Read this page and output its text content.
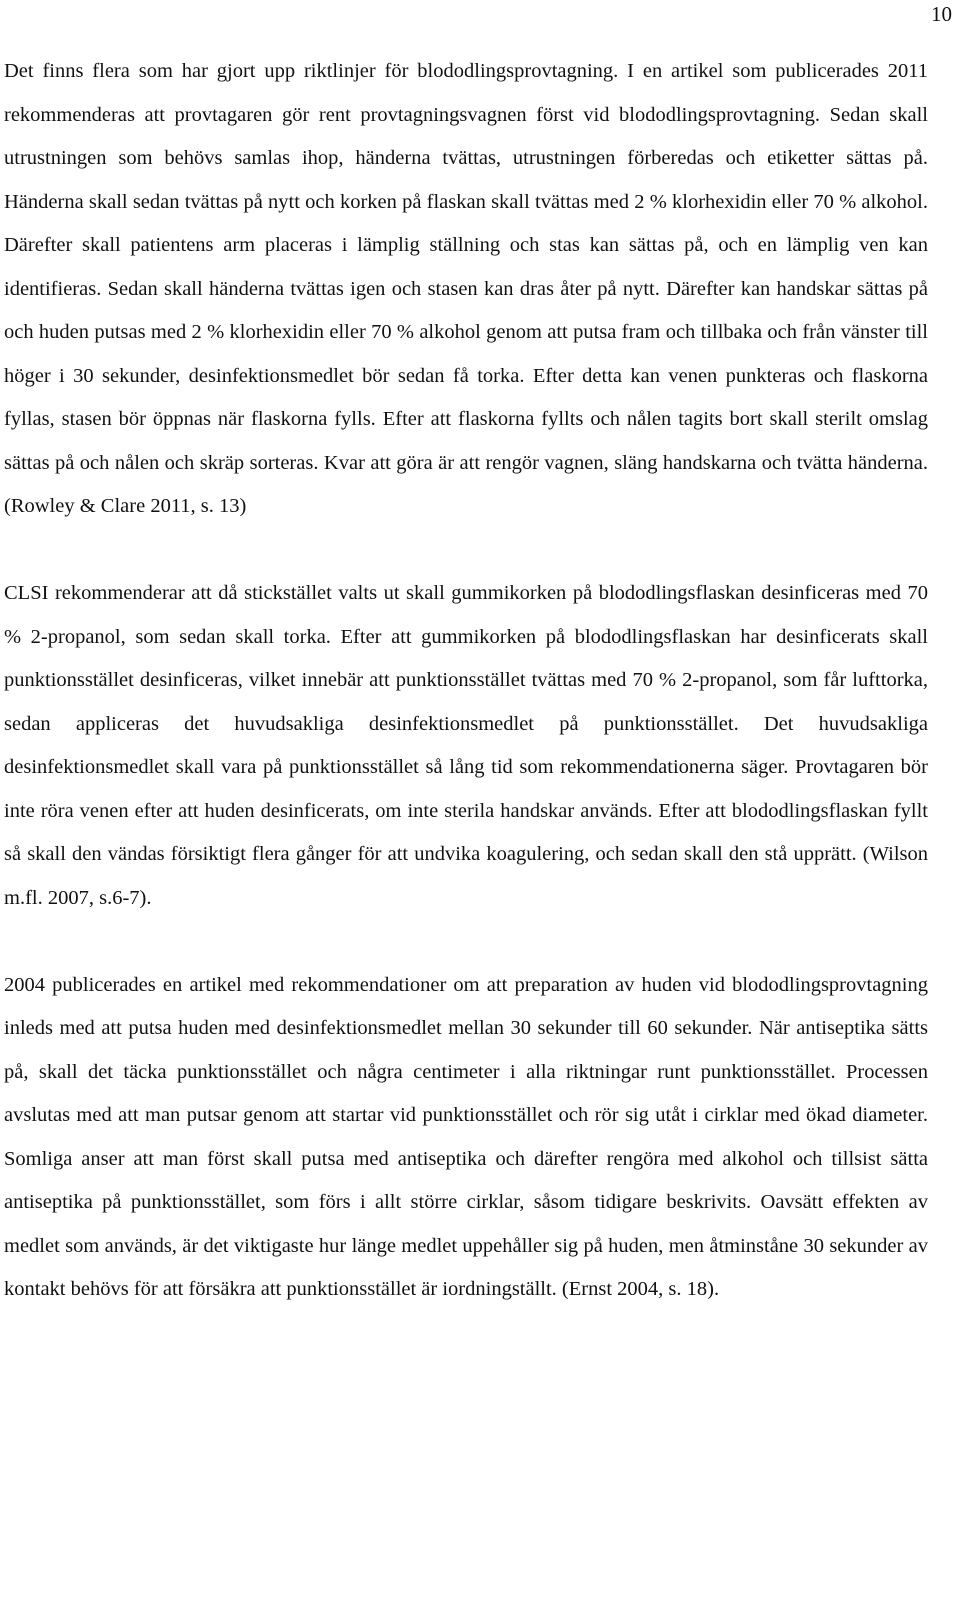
10

Det finns flera som har gjort upp riktlinjer för blododlingsprovtagning. I en artikel som publicerades 2011 rekommenderas att provtagaren gör rent provtagningsvagnen först vid blododlingsprovtagning. Sedan skall utrustningen som behövs samlas ihop, händerna tvättas, utrustningen förberedas och etiketter sättas på. Händerna skall sedan tvättas på nytt och korken på flaskan skall tvättas med 2 % klorhexidin eller 70 % alkohol. Därefter skall patientens arm placeras i lämplig ställning och stas kan sättas på, och en lämplig ven kan identifieras. Sedan skall händerna tvättas igen och stasen kan dras åter på nytt. Därefter kan handskar sättas på och huden putsas med 2 % klorhexidin eller 70 % alkohol genom att putsa fram och tillbaka och från vänster till höger i 30 sekunder, desinfektionsmedlet bör sedan få torka. Efter detta kan venen punkteras och flaskorna fyllas, stasen bör öppnas när flaskorna fylls. Efter att flaskorna fyllts och nålen tagits bort skall sterilt omslag sättas på och nålen och skräp sorteras. Kvar att göra är att rengör vagnen, släng handskarna och tvätta händerna. (Rowley & Clare 2011, s. 13)

CLSI rekommenderar att då stickstället valts ut skall gummikorken på blododlingsflaskan desinficeras med 70 % 2-propanol, som sedan skall torka. Efter att gummikorken på blododlingsflaskan har desinficerats skall punktionsstället desinficeras, vilket innebär att punktionsstället tvättas med 70 % 2-propanol, som får lufttorka, sedan appliceras det huvudsakliga desinfektionsmedlet på punktionsstället. Det huvudsakliga desinfektionsmedlet skall vara på punktionsstället så lång tid som rekommendationerna säger. Provtagaren bör inte röra venen efter att huden desinficerats, om inte sterila handskar används. Efter att blododlingsflaskan fyllt så skall den vändas försiktigt flera gånger för att undvika koagulering, och sedan skall den stå upprätt. (Wilson m.fl. 2007, s.6-7).

2004 publicerades en artikel med rekommendationer om att preparation av huden vid blododlingsprovtagning inleds med att putsa huden med desinfektionsmedlet mellan 30 sekunder till 60 sekunder. När antiseptika sätts på, skall det täcka punktionsstället och några centimeter i alla riktningar runt punktionsstället. Processen avslutas med att man putsar genom att startar vid punktionsstället och rör sig utåt i cirklar med ökad diameter. Somliga anser att man först skall putsa med antiseptika och därefter rengöra med alkohol och tillsist sätta antiseptika på punktionsstället, som förs i allt större cirklar, såsom tidigare beskrivits. Oavsätt effekten av medlet som används, är det viktigaste hur länge medlet uppehåller sig på huden, men åtminståne 30 sekunder av kontakt behövs för att försäkra att punktionsstället är iordningställt. (Ernst 2004, s. 18).
